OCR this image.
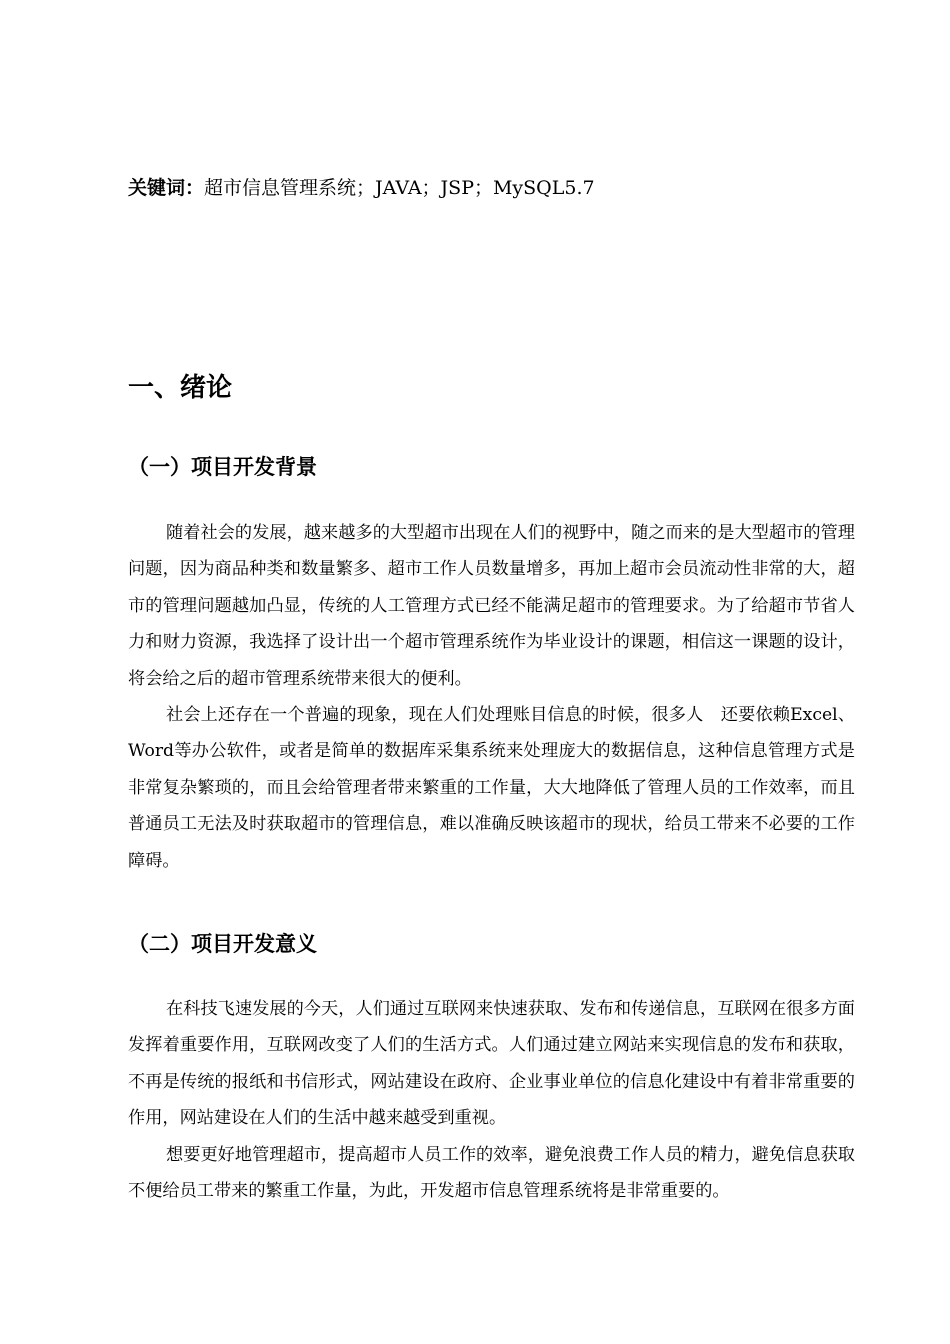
关键词：超市信息管理系统；JAVA；JSP；MySQL5.7
一、绪论
（一）项目开发背景

随着社会的发展，越来越多的大型超市出现在人们的视野中，随之而来的是大型超市的管理问题，因为商品种类和数量繁多、超市工作人员数量增多，再加上超市会员流动性非常的大，超市的管理问题越加凸显，传统的人工管理方式已经不能满足超市的管理要求。为了给超市节省人力和财力资源，我选择了设计出一个超市管理系统作为毕业设计的课题，相信这一课题的设计，将会给之后的超市管理系统带来很大的便利。

社会上还存在一个普遍的现象，现在人们处理账目信息的时候，很多人　还要依赖Excel、Word等办公软件，或者是简单的数据库采集系统来处理庞大的数据信息，这种信息管理方式是非常复杂繁琐的，而且会给管理者带来繁重的工作量，大大地降低了管理人员的工作效率，而且普通员工无法及时获取超市的管理信息，难以准确反映该超市的现状，给员工带来不必要的工作障碍。

（二）项目开发意义

在科技飞速发展的今天，人们通过互联网来快速获取、发布和传递信息，互联网在很多方面发挥着重要作用，互联网改变了人们的生活方式。人们通过建立网站来实现信息的发布和获取，不再是传统的报纸和书信形式，网站建设在政府、企业事业单位的信息化建设中有着非常重要的作用，网站建设在人们的生活中越来越受到重视。

想要更好地管理超市，提高超市人员工作的效率，避免浪费工作人员的精力，避免信息获取不便给员工带来的繁重工作量，为此，开发超市信息管理系统将是非常重要的。
